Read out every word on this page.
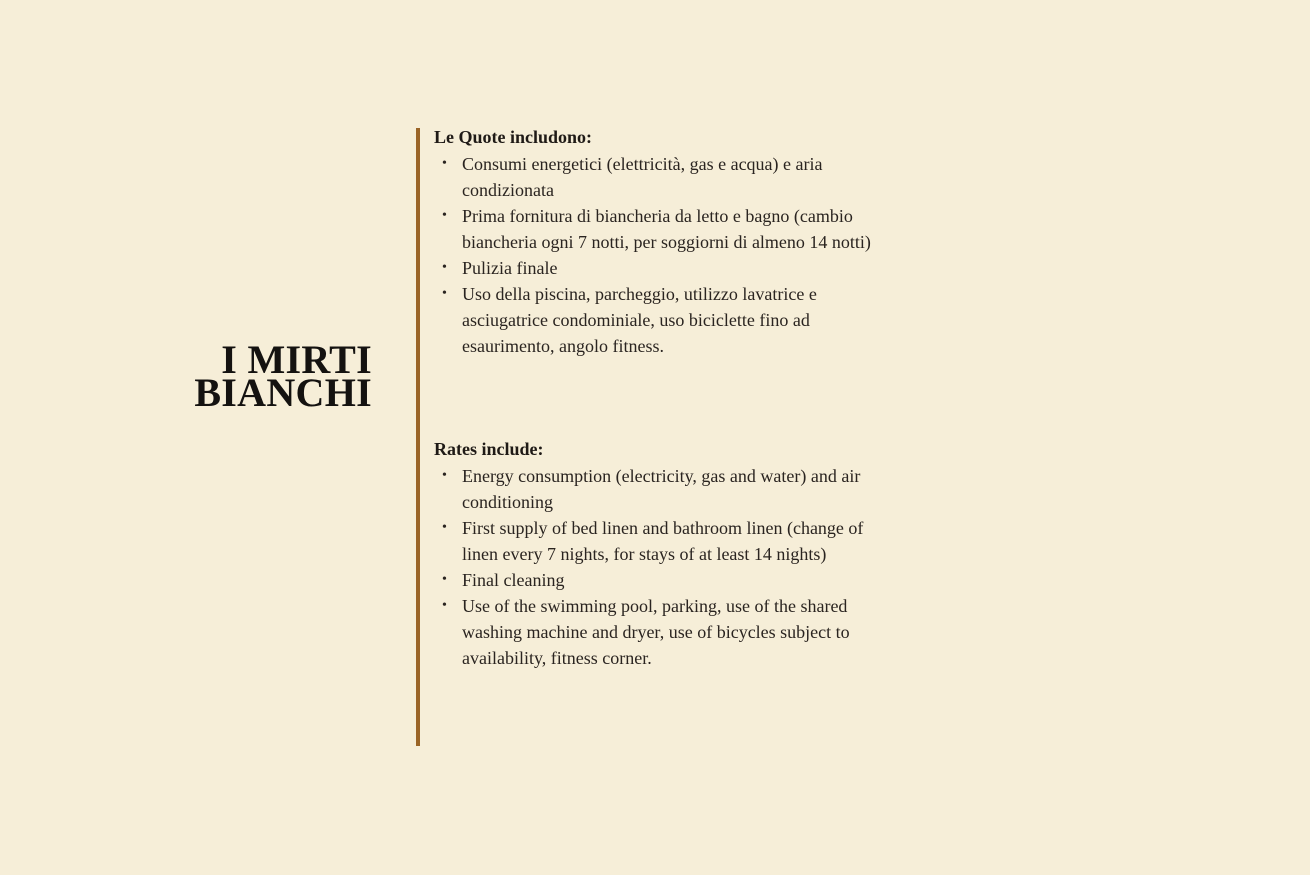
I MIRTI
BIANCHI
Le Quote includono:
• Consumi energetici (elettricità, gas e acqua) e aria condizionata
• Prima fornitura di biancheria da letto e bagno (cambio biancheria ogni 7 notti, per soggiorni di almeno 14 notti)
• Pulizia finale
• Uso della piscina, parcheggio, utilizzo lavatrice e asciugatrice condominiale, uso biciclette fino ad esaurimento, angolo fitness.
Rates include:
• Energy consumption (electricity, gas and water) and air conditioning
• First supply of bed linen and bathroom linen (change of linen every 7 nights, for stays of at least 14 nights)
• Final cleaning
• Use of the swimming pool, parking, use of the shared washing machine and dryer, use of bicycles subject to availability, fitness corner.
